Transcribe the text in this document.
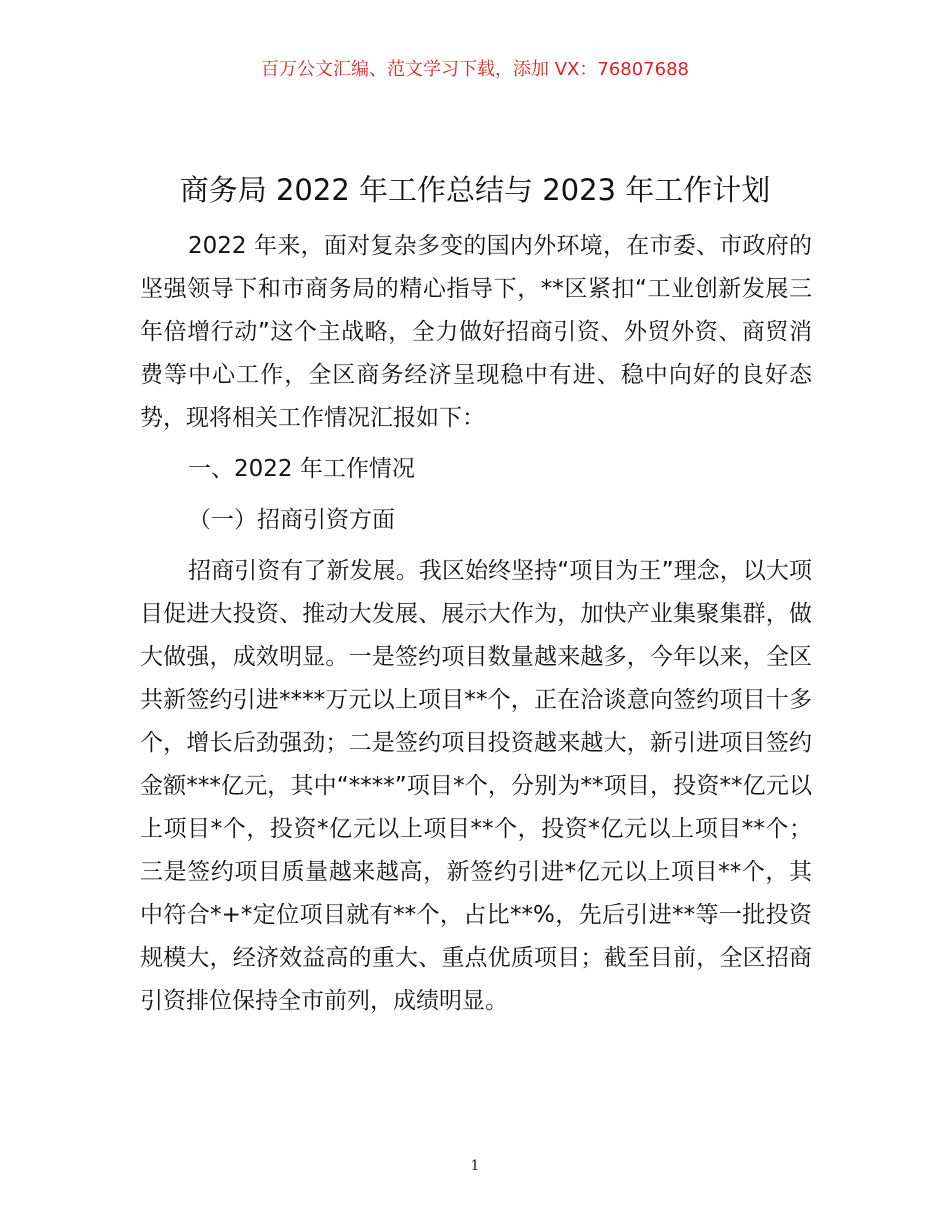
百万公文汇编、范文学习下载，添加 VX：76807688
商务局 2022 年工作总结与 2023 年工作计划

2022 年来，面对复杂多变的国内外环境，在市委、市政府的坚强领导下和市商务局的精心指导下，**区紧扣“工业创新发展三年倍增行动”这个主战略，全力做好招商引资、外贸外资、商贸消费等中心工作，全区商务经济呈现稳中有进、稳中向好的良好态势，现将相关工作情况汇报如下：

一、2022 年工作情况

（一）招商引资方面

招商引资有了新发展。我区始终坚持“项目为王”理念，以大项目促进大投资、推动大发展、展示大作为，加快产业集聚集群，做大做强，成效明显。一是签约项目数量越来越多，今年以来，全区共新签约引进****万元以上项目**个，正在洽谈意向签约项目十多个，增长后劲强劲；二是签约项目投资越来越大，新引进项目签约金额***亿元，其中“****”项目*个，分别为**项目，投资**亿元以上项目*个，投资*亿元以上项目**个，投资*亿元以上项目**个；三是签约项目质量越来越高，新签约引进*亿元以上项目**个，其中符合*+*定位项目就有**个，占比**%，先后引进**等一批投资规模大，经济效益高的重大、重点优质项目；截至目前，全区招商引资排位保持全市前列，成绩明显。

1
